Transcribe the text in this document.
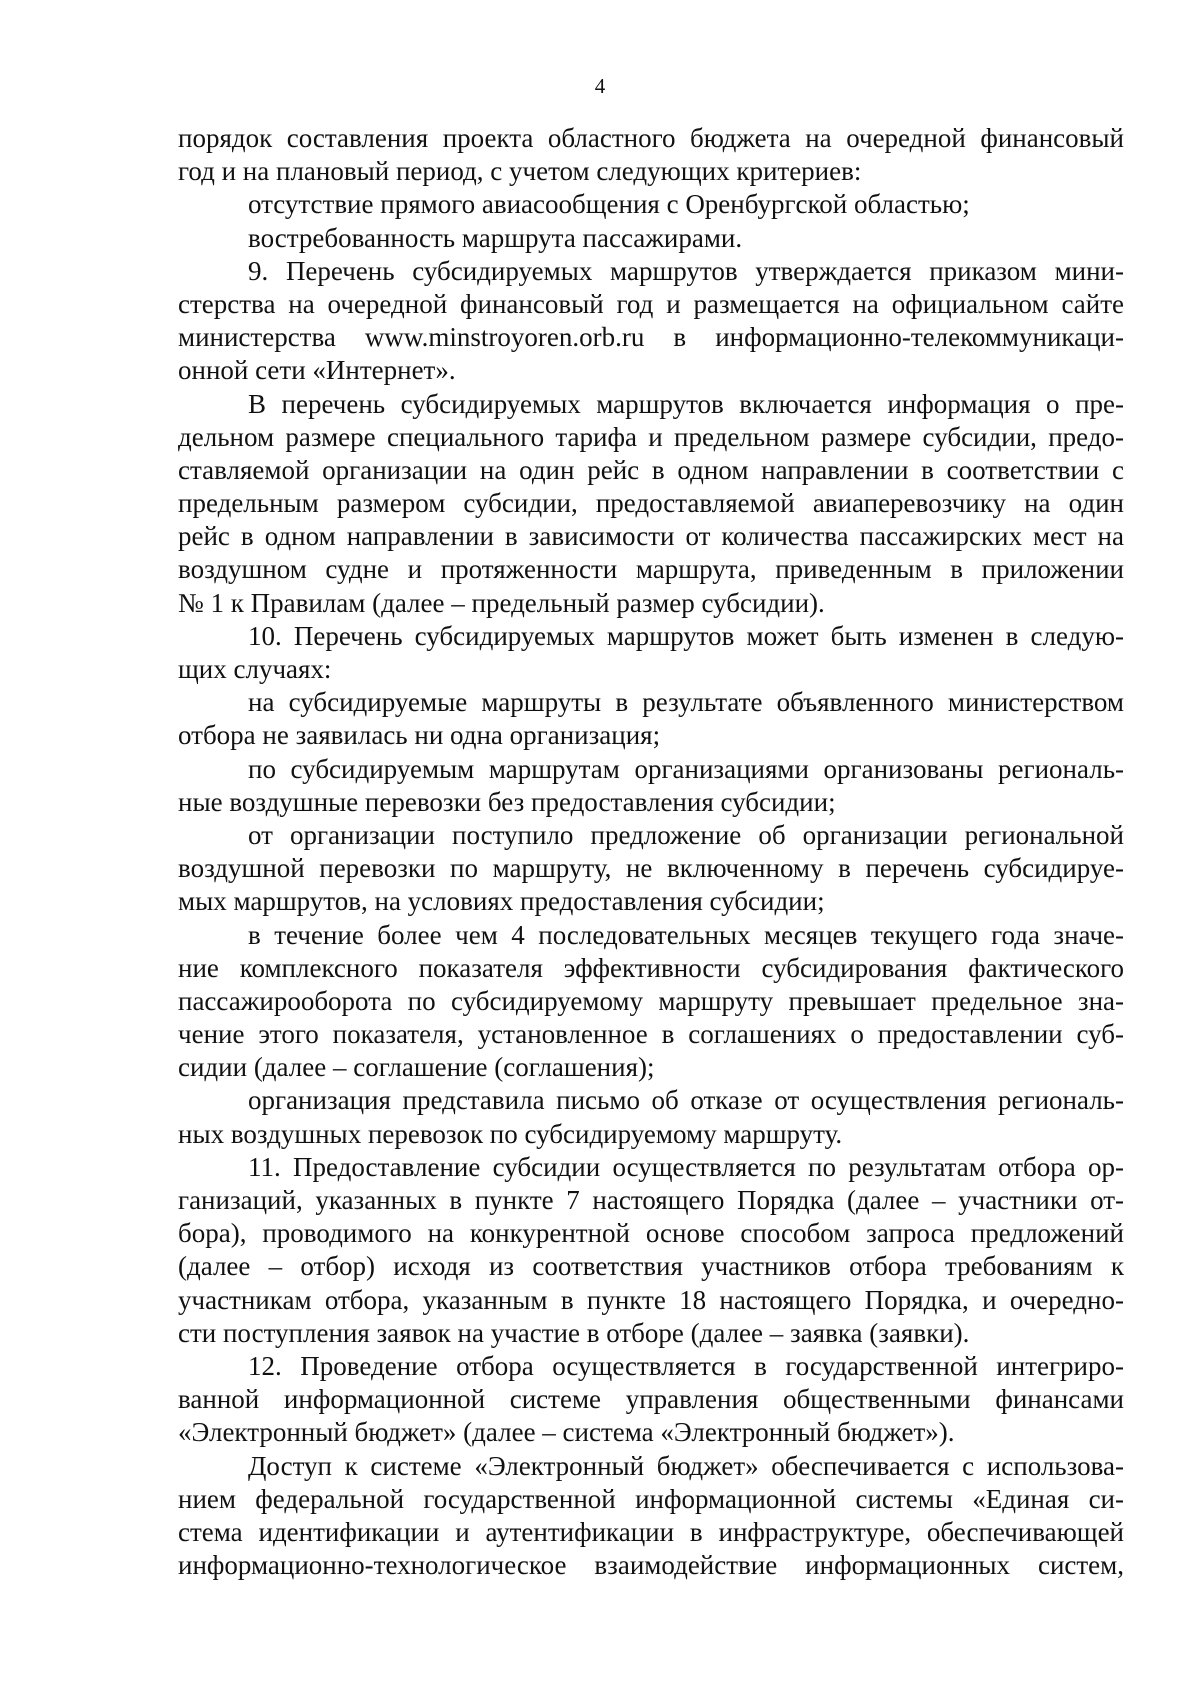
4
порядок составления проекта областного бюджета на очередной финансовый
год и на плановый период, с учетом следующих критериев:
отсутствие прямого авиасообщения с Оренбургской областью;
востребованность маршрута пассажирами.
9. Перечень субсидируемых маршрутов утверждается приказом мини-
стерства на очередной финансовый год и размещается на официальном сайте
министерства www.minstroyoren.orb.ru в информационно-телекоммуникаци-
онной сети «Интернет».
В перечень субсидируемых маршрутов включается информация о пре-
дельном размере специального тарифа и предельном размере субсидии, предо-
ставляемой организации на один рейс в одном направлении в соответствии с
предельным размером субсидии, предоставляемой авиаперевозчику на один
рейс в одном направлении в зависимости от количества пассажирских мест на
воздушном судне и протяженности маршрута, приведенным в приложении
№ 1 к Правилам (далее – предельный размер субсидии).
10. Перечень субсидируемых маршрутов может быть изменен в следую-
щих случаях:
на субсидируемые маршруты в результате объявленного министерством
отбора не заявилась ни одна организация;
по субсидируемым маршрутам организациями организованы региональ-
ные воздушные перевозки без предоставления субсидии;
от организации поступило предложение об организации региональной
воздушной перевозки по маршруту, не включенному в перечень субсидируе-
мых маршрутов, на условиях предоставления субсидии;
в течение более чем 4 последовательных месяцев текущего года значе-
ние комплексного показателя эффективности субсидирования фактического
пассажирооборота по субсидируемому маршруту превышает предельное зна-
чение этого показателя, установленное в соглашениях о предоставлении суб-
сидии (далее – соглашение (соглашения);
организация представила письмо об отказе от осуществления региональ-
ных воздушных перевозок по субсидируемому маршруту.
11. Предоставление субсидии осуществляется по результатам отбора ор-
ганизаций, указанных в пункте 7 настоящего Порядка (далее – участники от-
бора), проводимого на конкурентной основе способом запроса предложений
(далее – отбор) исходя из соответствия участников отбора требованиям к
участникам отбора, указанным в пункте 18 настоящего Порядка, и очередно-
сти поступления заявок на участие в отборе (далее – заявка (заявки).
12. Проведение отбора осуществляется в государственной интегриро-
ванной информационной системе управления общественными финансами
«Электронный бюджет» (далее – система «Электронный бюджет»).
Доступ к системе «Электронный бюджет» обеспечивается с использова-
нием федеральной государственной информационной системы «Единая си-
стема идентификации и аутентификации в инфраструктуре, обеспечивающей
информационно-технологическое взаимодействие информационных систем,
